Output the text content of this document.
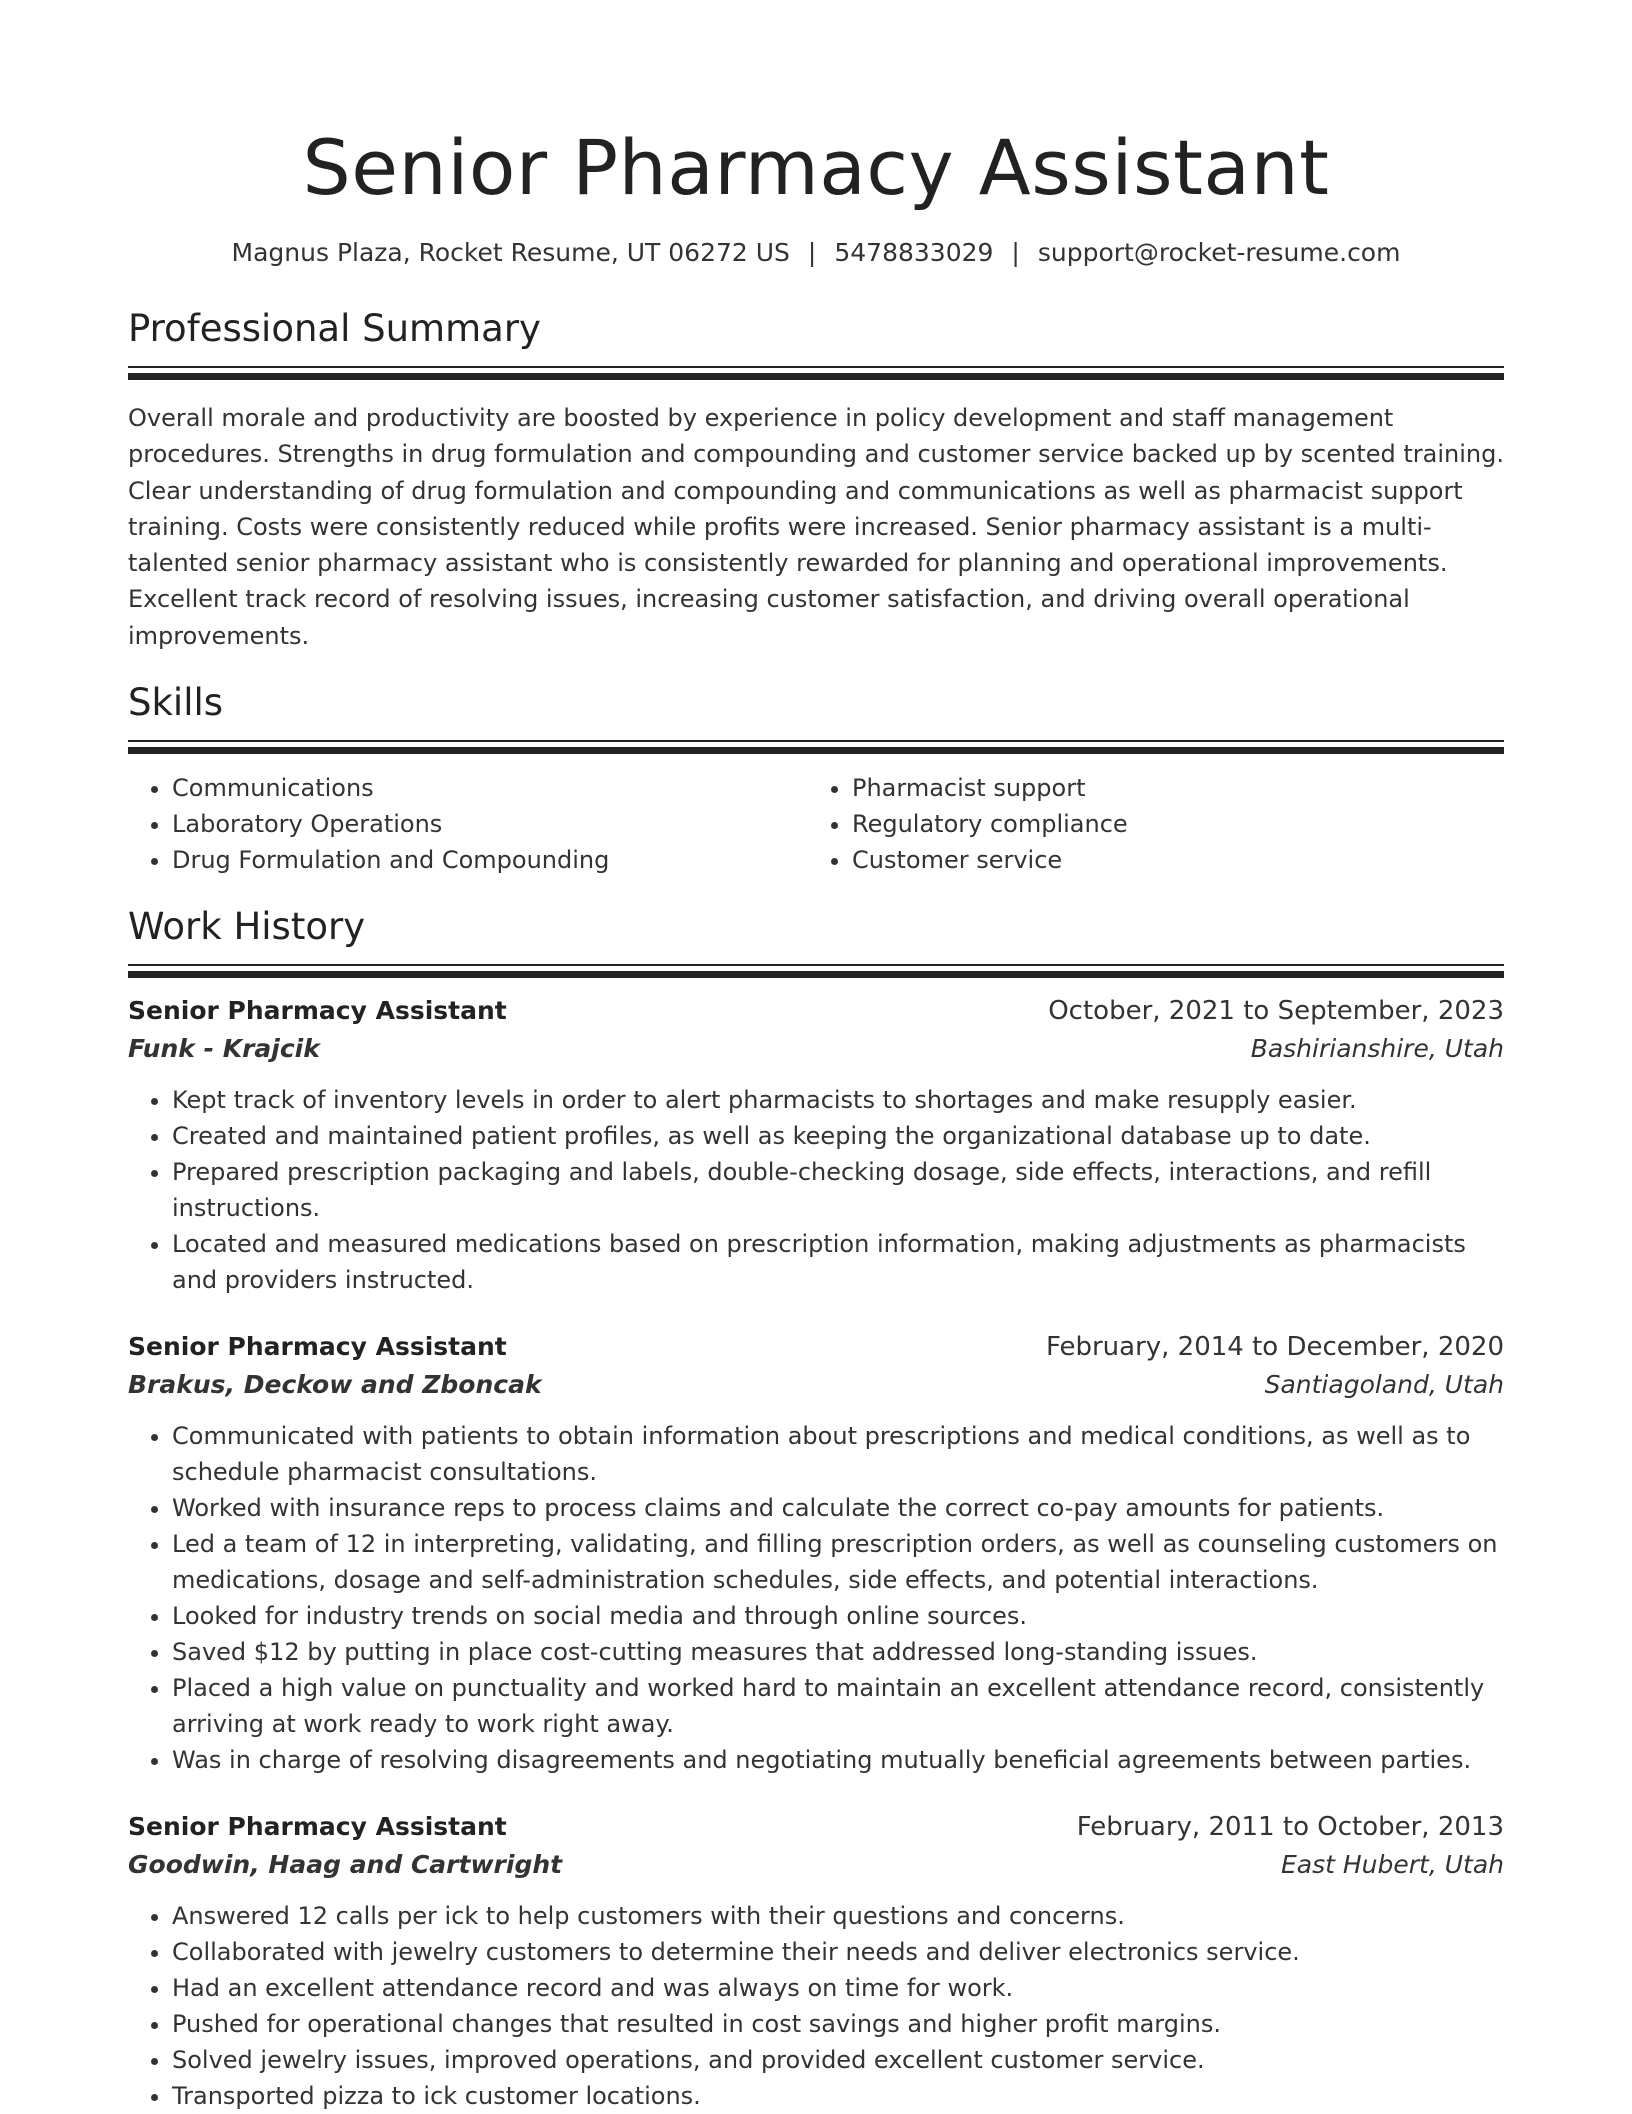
Senior Pharmacy Assistant
Magnus Plaza, Rocket Resume, UT 06272 US | 5478833029 | support@rocket-resume.com
Professional Summary
Overall morale and productivity are boosted by experience in policy development and staff management procedures. Strengths in drug formulation and compounding and customer service backed up by scented training. Clear understanding of drug formulation and compounding and communications as well as pharmacist support training. Costs were consistently reduced while profits were increased. Senior pharmacy assistant is a multi-talented senior pharmacy assistant who is consistently rewarded for planning and operational improvements. Excellent track record of resolving issues, increasing customer satisfaction, and driving overall operational improvements.
Skills
• Communications
• Laboratory Operations
• Drug Formulation and Compounding
• Pharmacist support
• Regulatory compliance
• Customer service
Work History
Senior Pharmacy Assistant	October, 2021 to September, 2023
Funk - Krajcik	Bashirianshire, Utah
• Kept track of inventory levels in order to alert pharmacists to shortages and make resupply easier.
• Created and maintained patient profiles, as well as keeping the organizational database up to date.
• Prepared prescription packaging and labels, double-checking dosage, side effects, interactions, and refill instructions.
• Located and measured medications based on prescription information, making adjustments as pharmacists and providers instructed.
Senior Pharmacy Assistant	February, 2014 to December, 2020
Brakus, Deckow and Zboncak	Santiagoland, Utah
• Communicated with patients to obtain information about prescriptions and medical conditions, as well as to schedule pharmacist consultations.
• Worked with insurance reps to process claims and calculate the correct co-pay amounts for patients.
• Led a team of 12 in interpreting, validating, and filling prescription orders, as well as counseling customers on medications, dosage and self-administration schedules, side effects, and potential interactions.
• Looked for industry trends on social media and through online sources.
• Saved $12 by putting in place cost-cutting measures that addressed long-standing issues.
• Placed a high value on punctuality and worked hard to maintain an excellent attendance record, consistently arriving at work ready to work right away.
• Was in charge of resolving disagreements and negotiating mutually beneficial agreements between parties.
Senior Pharmacy Assistant	February, 2011 to October, 2013
Goodwin, Haag and Cartwright	East Hubert, Utah
• Answered 12 calls per ick to help customers with their questions and concerns.
• Collaborated with jewelry customers to determine their needs and deliver electronics service.
• Had an excellent attendance record and was always on time for work.
• Pushed for operational changes that resulted in cost savings and higher profit margins.
• Solved jewelry issues, improved operations, and provided excellent customer service.
• Transported pizza to ick customer locations.
